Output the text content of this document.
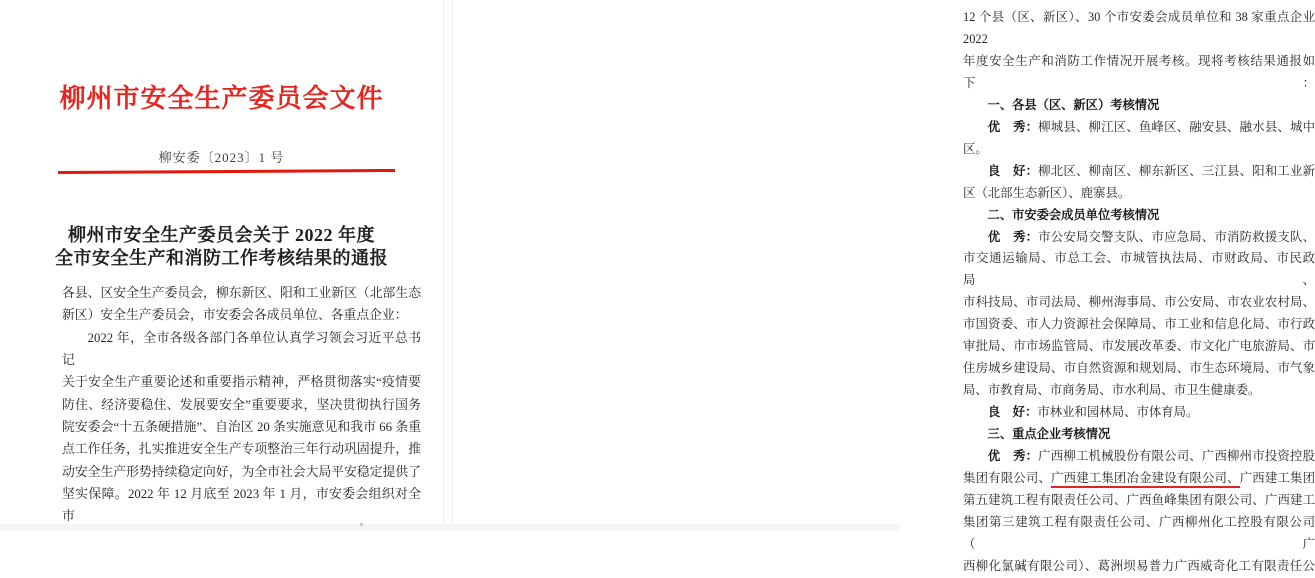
柳州市安全生产委员会文件
柳安委〔2023〕1 号
柳州市安全生产委员会关于 2022 年度
全市安全生产和消防工作考核结果的通报
各县、区安全生产委员会，柳东新区、阳和工业新区（北部生态
新区）安全生产委员会，市安委会各成员单位、各重点企业：
2022 年，全市各级各部门各单位认真学习领会习近平总书记
关于安全生产重要论述和重要指示精神，严格贯彻落实“疫情要
防住、经济要稳住、发展要安全”重要要求，坚决贯彻执行国务
院安委会“十五条硬措施”、自治区 20 条实施意见和我市 66 条重
点工作任务，扎实推进安全生产专项整治三年行动巩固提升，推
动安全生产形势持续稳定向好，为全市社会大局平安稳定提供了
坚实保障。2022 年 12 月底至 2023 年 1 月，市安委会组织对全市
12 个县（区、新区）、30 个市安委会成员单位和 38 家重点企业 2022
年度安全生产和消防工作情况开展考核。现将考核结果通报如下：
一、各县（区、新区）考核情况
优　秀：柳城县、柳江区、鱼峰区、融安县、融水县、城中
区。
良　好：柳北区、柳南区、柳东新区、三江县、阳和工业新
区（北部生态新区）、鹿寨县。
二、市安委会成员单位考核情况
优　秀：市公安局交警支队、市应急局、市消防救援支队、
市交通运输局、市总工会、市城管执法局、市财政局、市民政局、
市科技局、市司法局、柳州海事局、市公安局、市农业农村局、
市国资委、市人力资源社会保障局、市工业和信息化局、市行政
审批局、市市场监管局、市发展改革委、市文化广电旅游局、市
住房城乡建设局、市自然资源和规划局、市生态环境局、市气象
局、市教育局、市商务局、市水利局、市卫生健康委。
良　好：市林业和园林局、市体育局。
三、重点企业考核情况
优　秀：广西柳工机械股份有限公司、广西柳州市投资控股
集团有限公司、广西建工集团冶金建设有限公司、广西建工集团
第五建筑工程有限责任公司、广西鱼峰集团有限公司、广西建工
集团第三建筑工程有限责任公司、广西柳州化工控股有限公司（广
西柳化氯碱有限公司）、葛洲坝易普力广西威奇化工有限责任公
